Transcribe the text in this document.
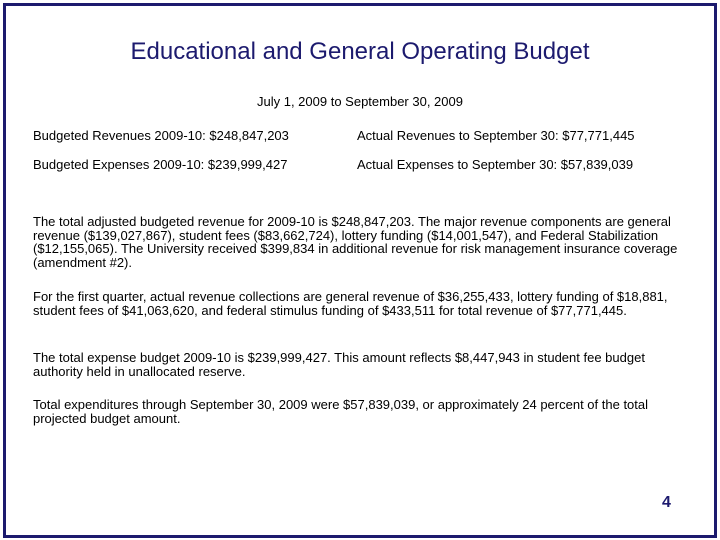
Educational and General Operating Budget
July 1, 2009 to September 30, 2009
Budgeted Revenues 2009-10: $248,847,203	Actual Revenues to September 30: $77,771,445
Budgeted Expenses 2009-10: $239,999,427	Actual Expenses to September 30: $57,839,039

The total adjusted budgeted revenue for 2009-10 is $248,847,203. The major revenue components are general revenue ($139,027,867), student fees ($83,662,724), lottery funding ($14,001,547), and Federal Stabilization ($12,155,065). The University received $399,834 in additional revenue for risk management insurance coverage (amendment #2).

For the first quarter, actual revenue collections are general revenue of $36,255,433, lottery funding of $18,881, student fees of $41,063,620, and federal stimulus funding of $433,511 for total revenue of $77,771,445.

The total expense budget 2009-10 is $239,999,427. This amount reflects $8,447,943 in student fee budget authority held in unallocated reserve.

Total expenditures through September 30, 2009 were $57,839,039, or approximately 24 percent of the total projected budget amount.

4
